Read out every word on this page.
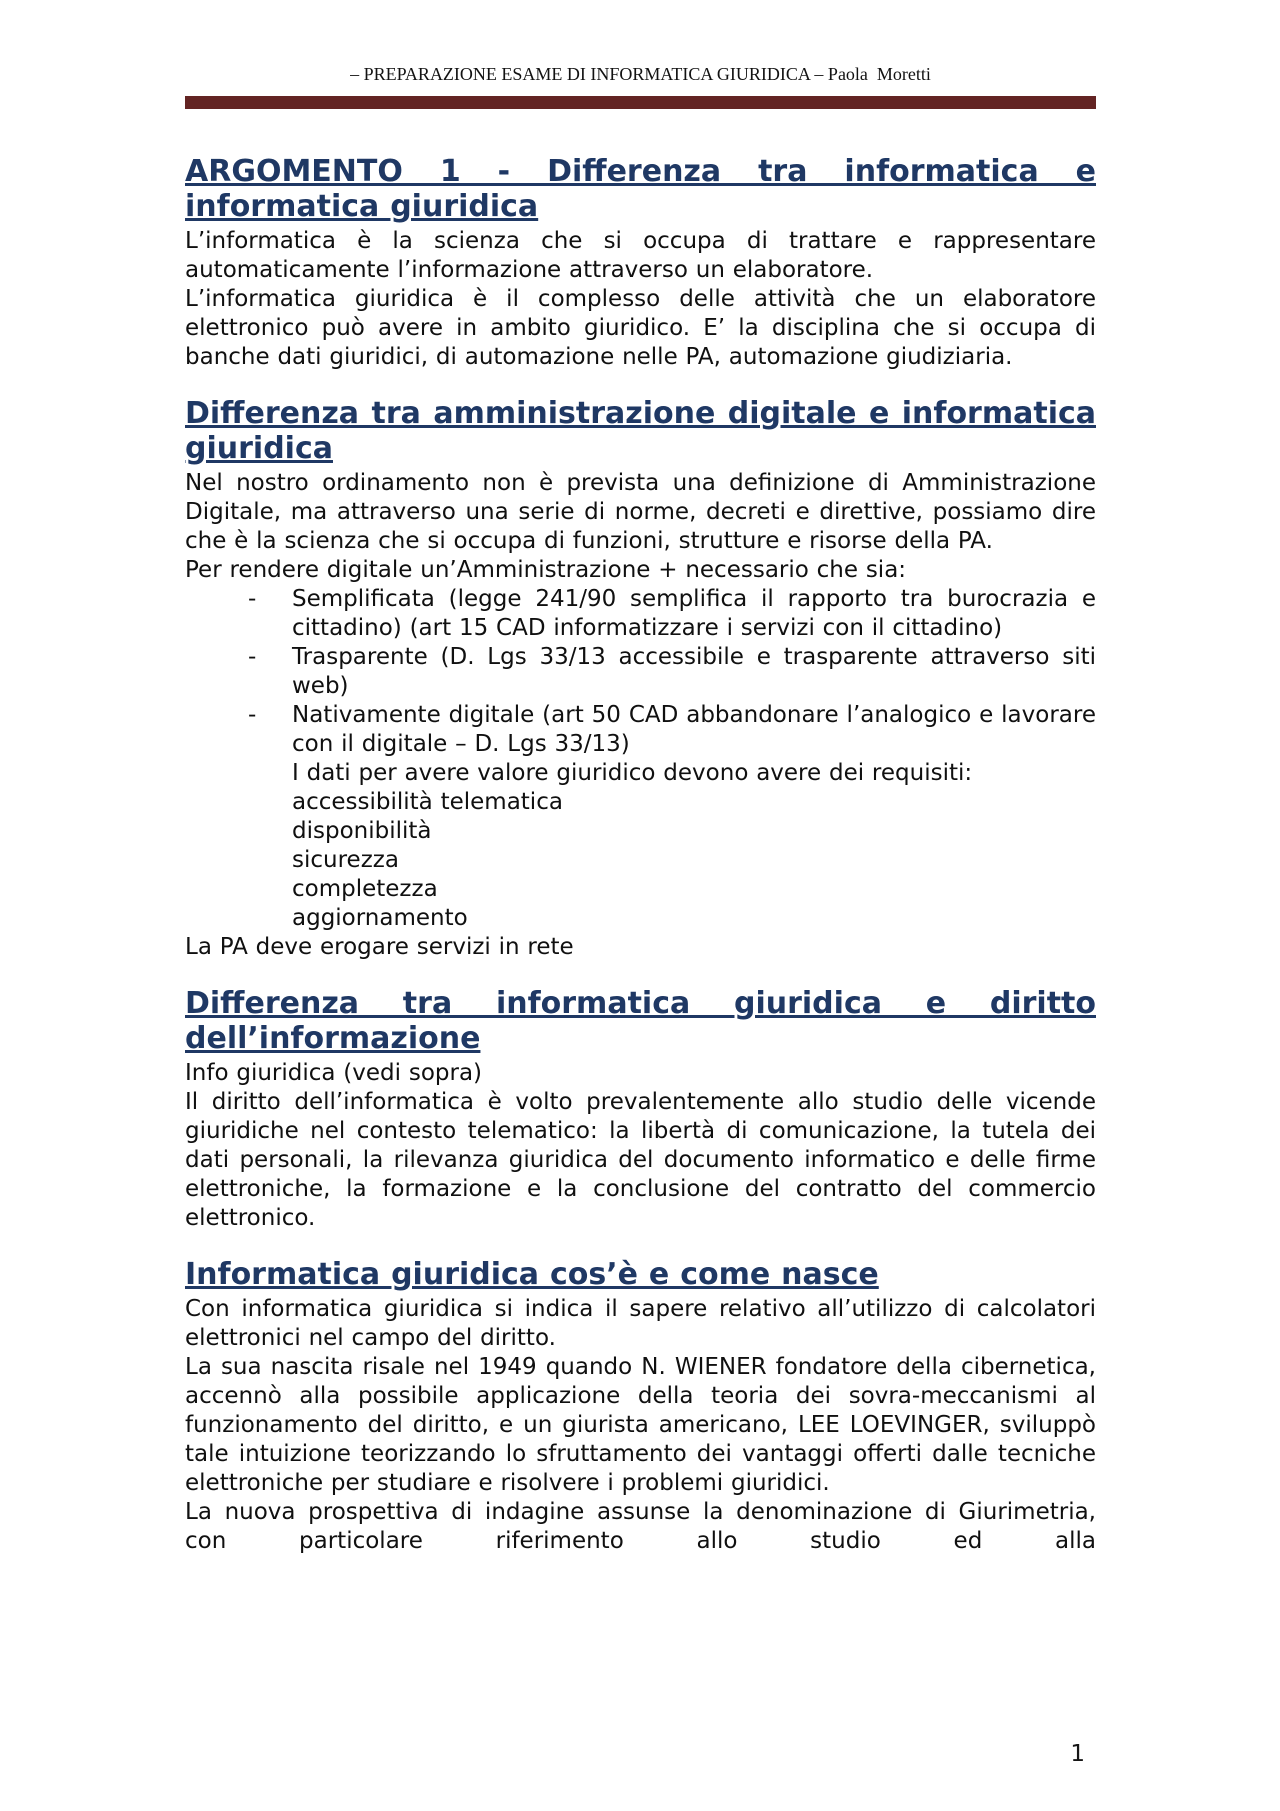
– PREPARAZIONE ESAME DI INFORMATICA GIURIDICA – Paola  Moretti
ARGOMENTO 1 - Differenza tra informatica e informatica giuridica

L’informatica è la scienza che si occupa di trattare e rappresentare automaticamente l’informazione attraverso un elaboratore.

L’informatica giuridica è il complesso delle attività che un elaboratore elettronico può avere in ambito giuridico. E’ la disciplina che si occupa di banche dati giuridici, di automazione nelle PA, automazione giudiziaria.

Differenza tra amministrazione digitale e informatica giuridica

Nel nostro ordinamento non è prevista una definizione di Amministrazione Digitale, ma attraverso una serie di norme, decreti e direttive, possiamo dire che è la scienza che si occupa di funzioni, strutture e risorse della PA.

Per rendere digitale un’Amministrazione + necessario che sia:

- Semplificata (legge 241/90 semplifica il rapporto tra burocrazia e cittadino) (art 15 CAD informatizzare i servizi con il cittadino)
- Trasparente (D. Lgs 33/13 accessibile e trasparente attraverso siti web)
- Nativamente digitale (art 50 CAD abbandonare l’analogico e lavorare con il digitale – D. Lgs 33/13)

I dati per avere valore giuridico devono avere dei requisiti:

accessibilità telematica

disponibilità

sicurezza

completezza

aggiornamento

La PA deve erogare servizi in rete

Differenza tra informatica giuridica e diritto dell’informazione

Info giuridica (vedi sopra)

Il diritto dell’informatica è volto prevalentemente allo studio delle vicende giuridiche nel contesto telematico: la libertà di comunicazione, la tutela dei dati personali, la rilevanza giuridica del documento informatico e delle firme elettroniche, la formazione e la conclusione del contratto del commercio elettronico.

Informatica giuridica cos’è e come nasce

Con informatica giuridica si indica il sapere relativo all’utilizzo di calcolatori elettronici nel campo del diritto.

La sua nascita risale nel 1949 quando N. WIENER fondatore della cibernetica, accennò alla possibile applicazione della teoria dei sovra-meccanismi al funzionamento del diritto, e un giurista americano, LEE LOEVINGER, sviluppò tale intuizione teorizzando lo sfruttamento dei vantaggi offerti dalle tecniche elettroniche per studiare e risolvere i problemi giuridici.

La nuova prospettiva di indagine assunse la denominazione di Giurimetria, con particolare riferimento allo studio ed alla

1
